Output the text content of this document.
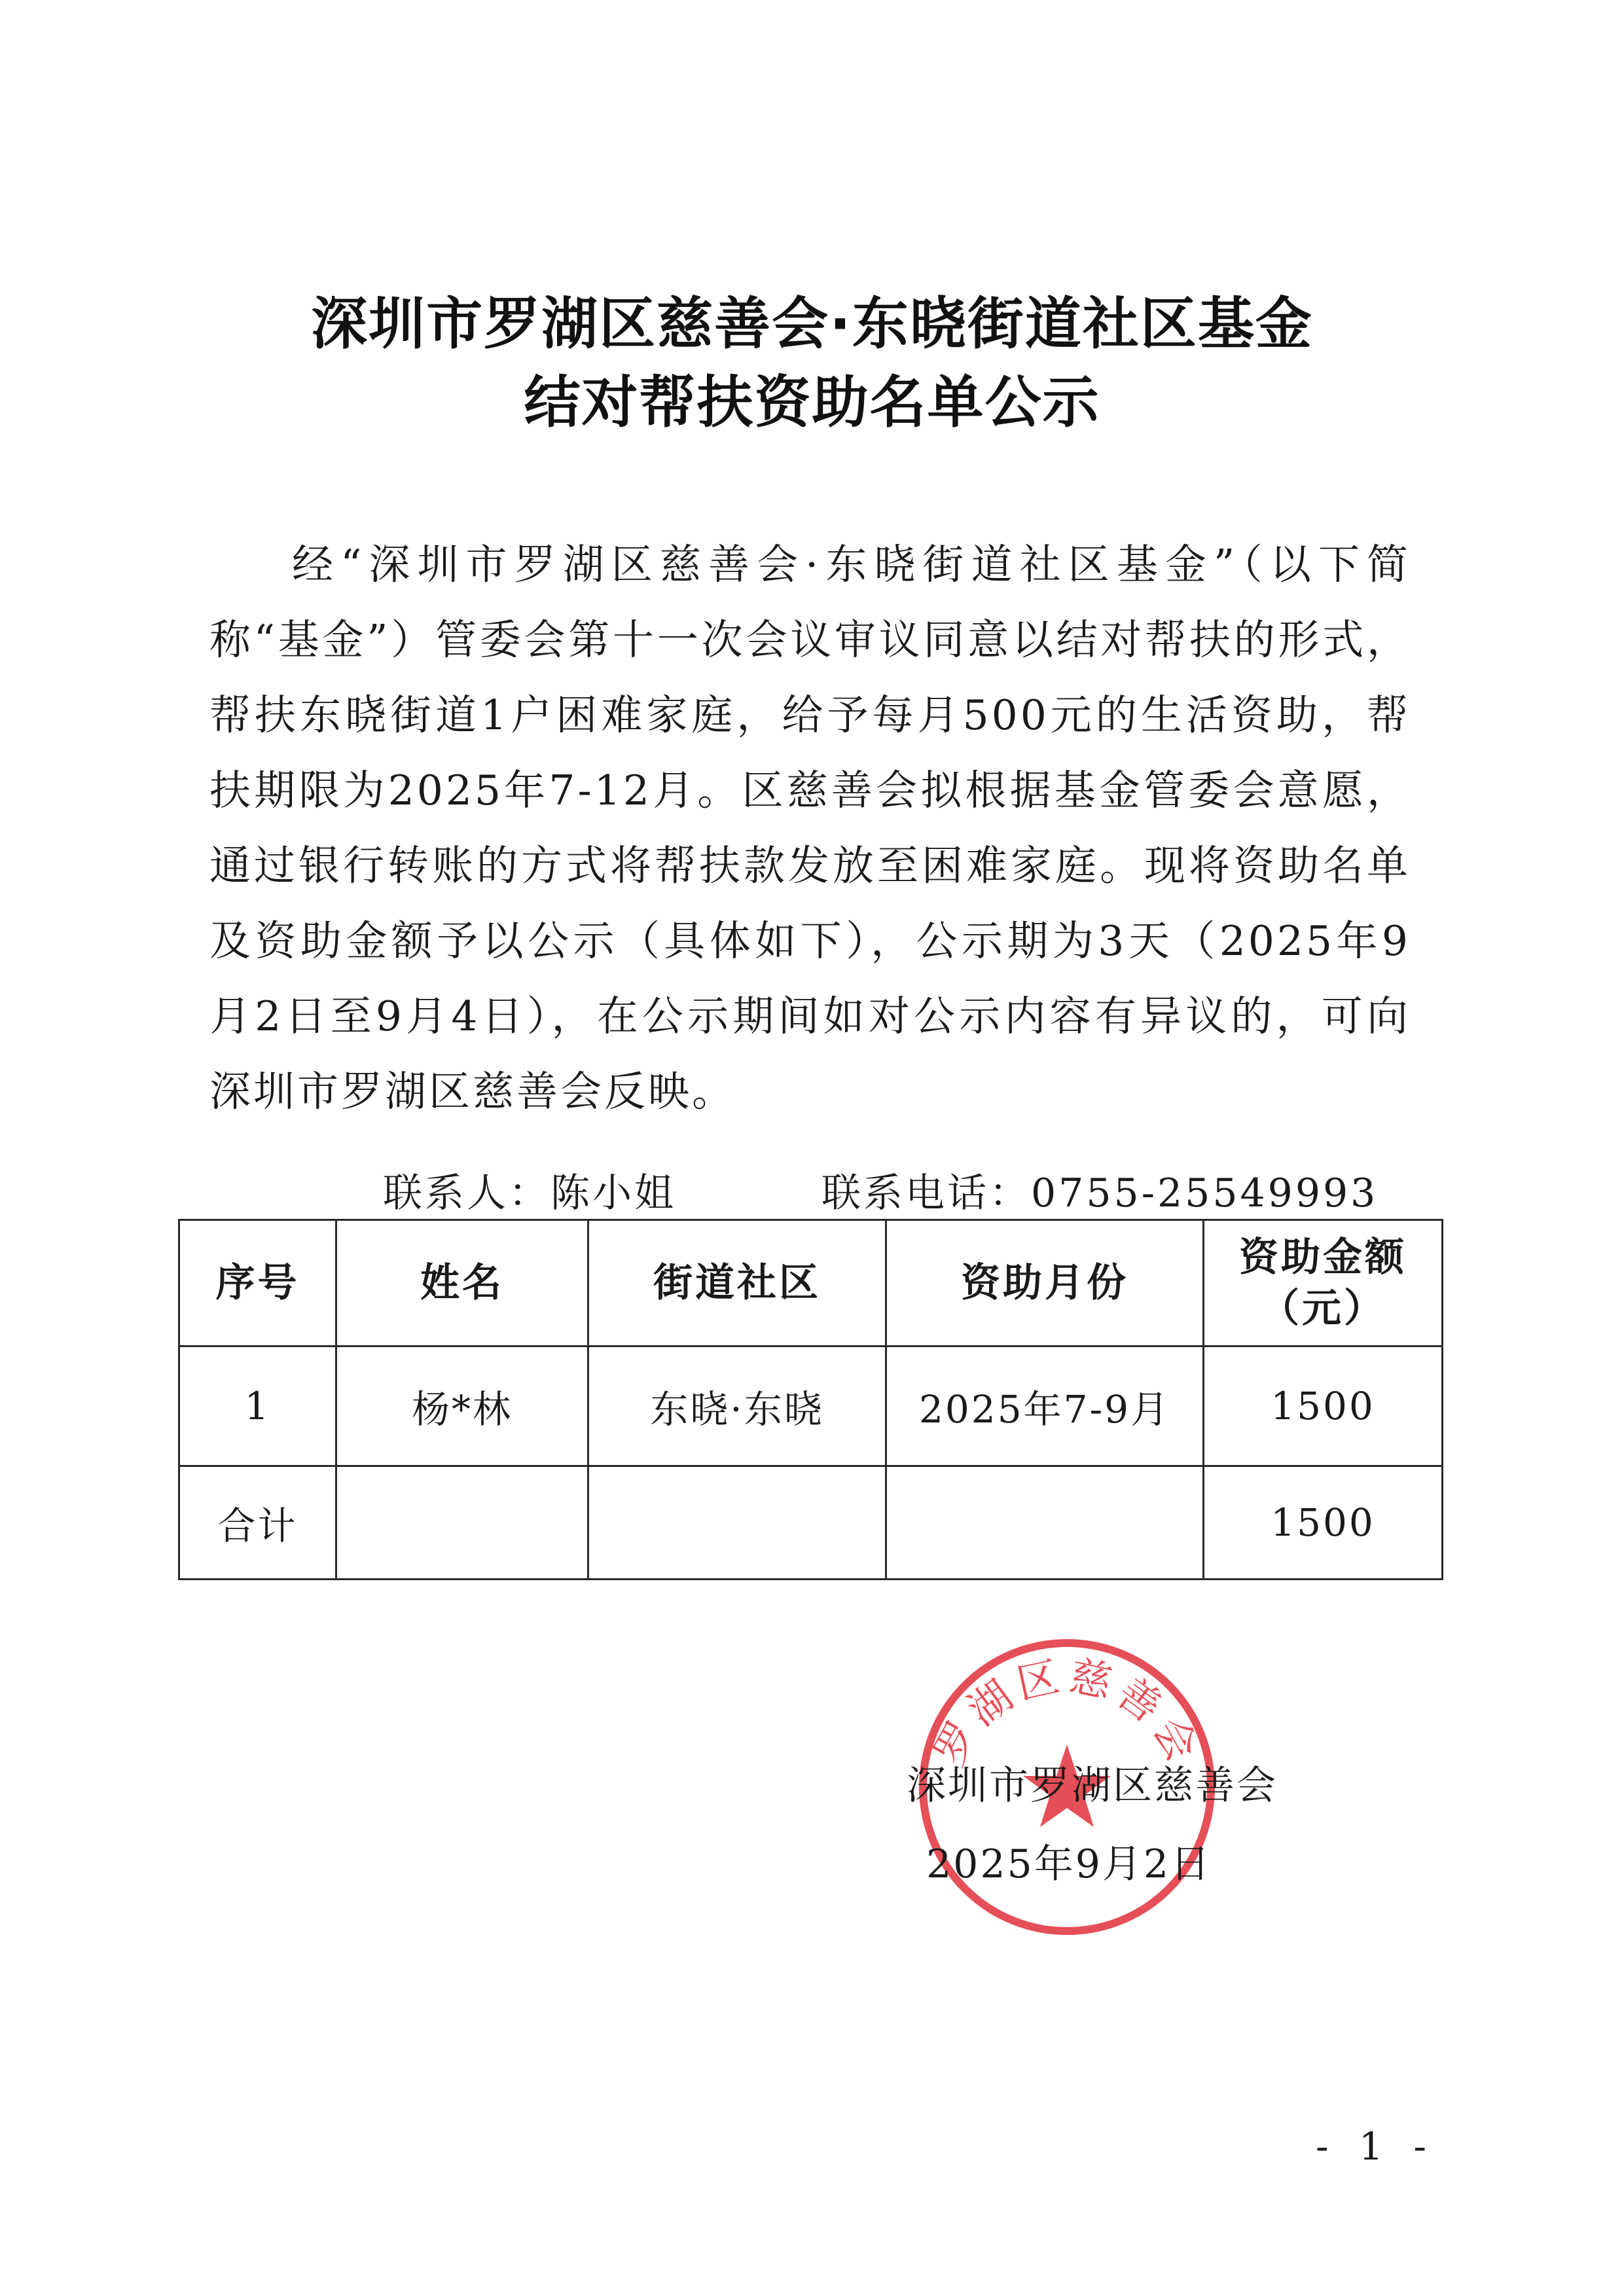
深圳市罗湖区慈善会·东晓街道社区基金
结对帮扶资助名单公示

经“深圳市罗湖区慈善会·东晓街道社区基金”（以下简称“基金”）管委会第十一次会议审议同意以结对帮扶的形式，帮扶东晓街道1户困难家庭，给予每月500元的生活资助，帮扶期限为2025年7-12月。区慈善会拟根据基金管委会意愿，通过银行转账的方式将帮扶款发放至困难家庭。现将资助名单及资助金额予以公示（具体如下），公示期为3天（2025年9月2日至9月4日），在公示期间如对公示内容有异议的，可向深圳市罗湖区慈善会反映。

联系人：陈小姐	联系电话：0755-25549993
序号	姓名	街道社区	资助月份	资助金额（元）
1	杨*林	东晓·东晓	2025年7-9月	1500
合计				1500
罗湖区慈善会
深圳市罗湖区慈善会
2025年9月2日
- 1 -
